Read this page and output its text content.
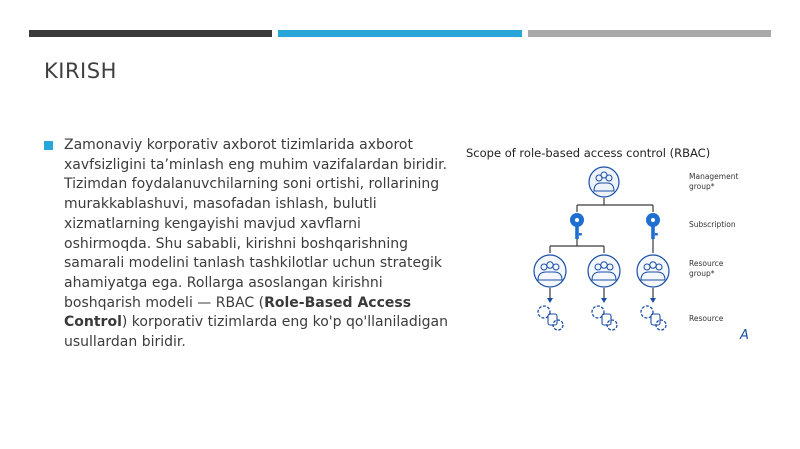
KIRISH
Zamonaviy korporativ axborot tizimlarida axborot xavfsizligini ta’minlash eng muhim vazifalardan biridir. Tizimdan foydalanuvchilarning soni ortishi, rollarining murakkablashuvi, masofadan ishlash, bulutli xizmatlarning kengayishi mavjud xavflarni oshirmoqda. Shu sababli, kirishni boshqarishning samarali modelini tanlash tashkilotlar uchun strategik ahamiyatga ega. Rollarga asoslangan kirishni boshqarish modeli — RBAC (Role-Based Access Control) korporativ tizimlarda eng ko'p qo'llaniladigan usullardan biridir.
Scope of role-based access control (RBAC)
Management
group*
Subscription
Resource
group*
Resource
A
